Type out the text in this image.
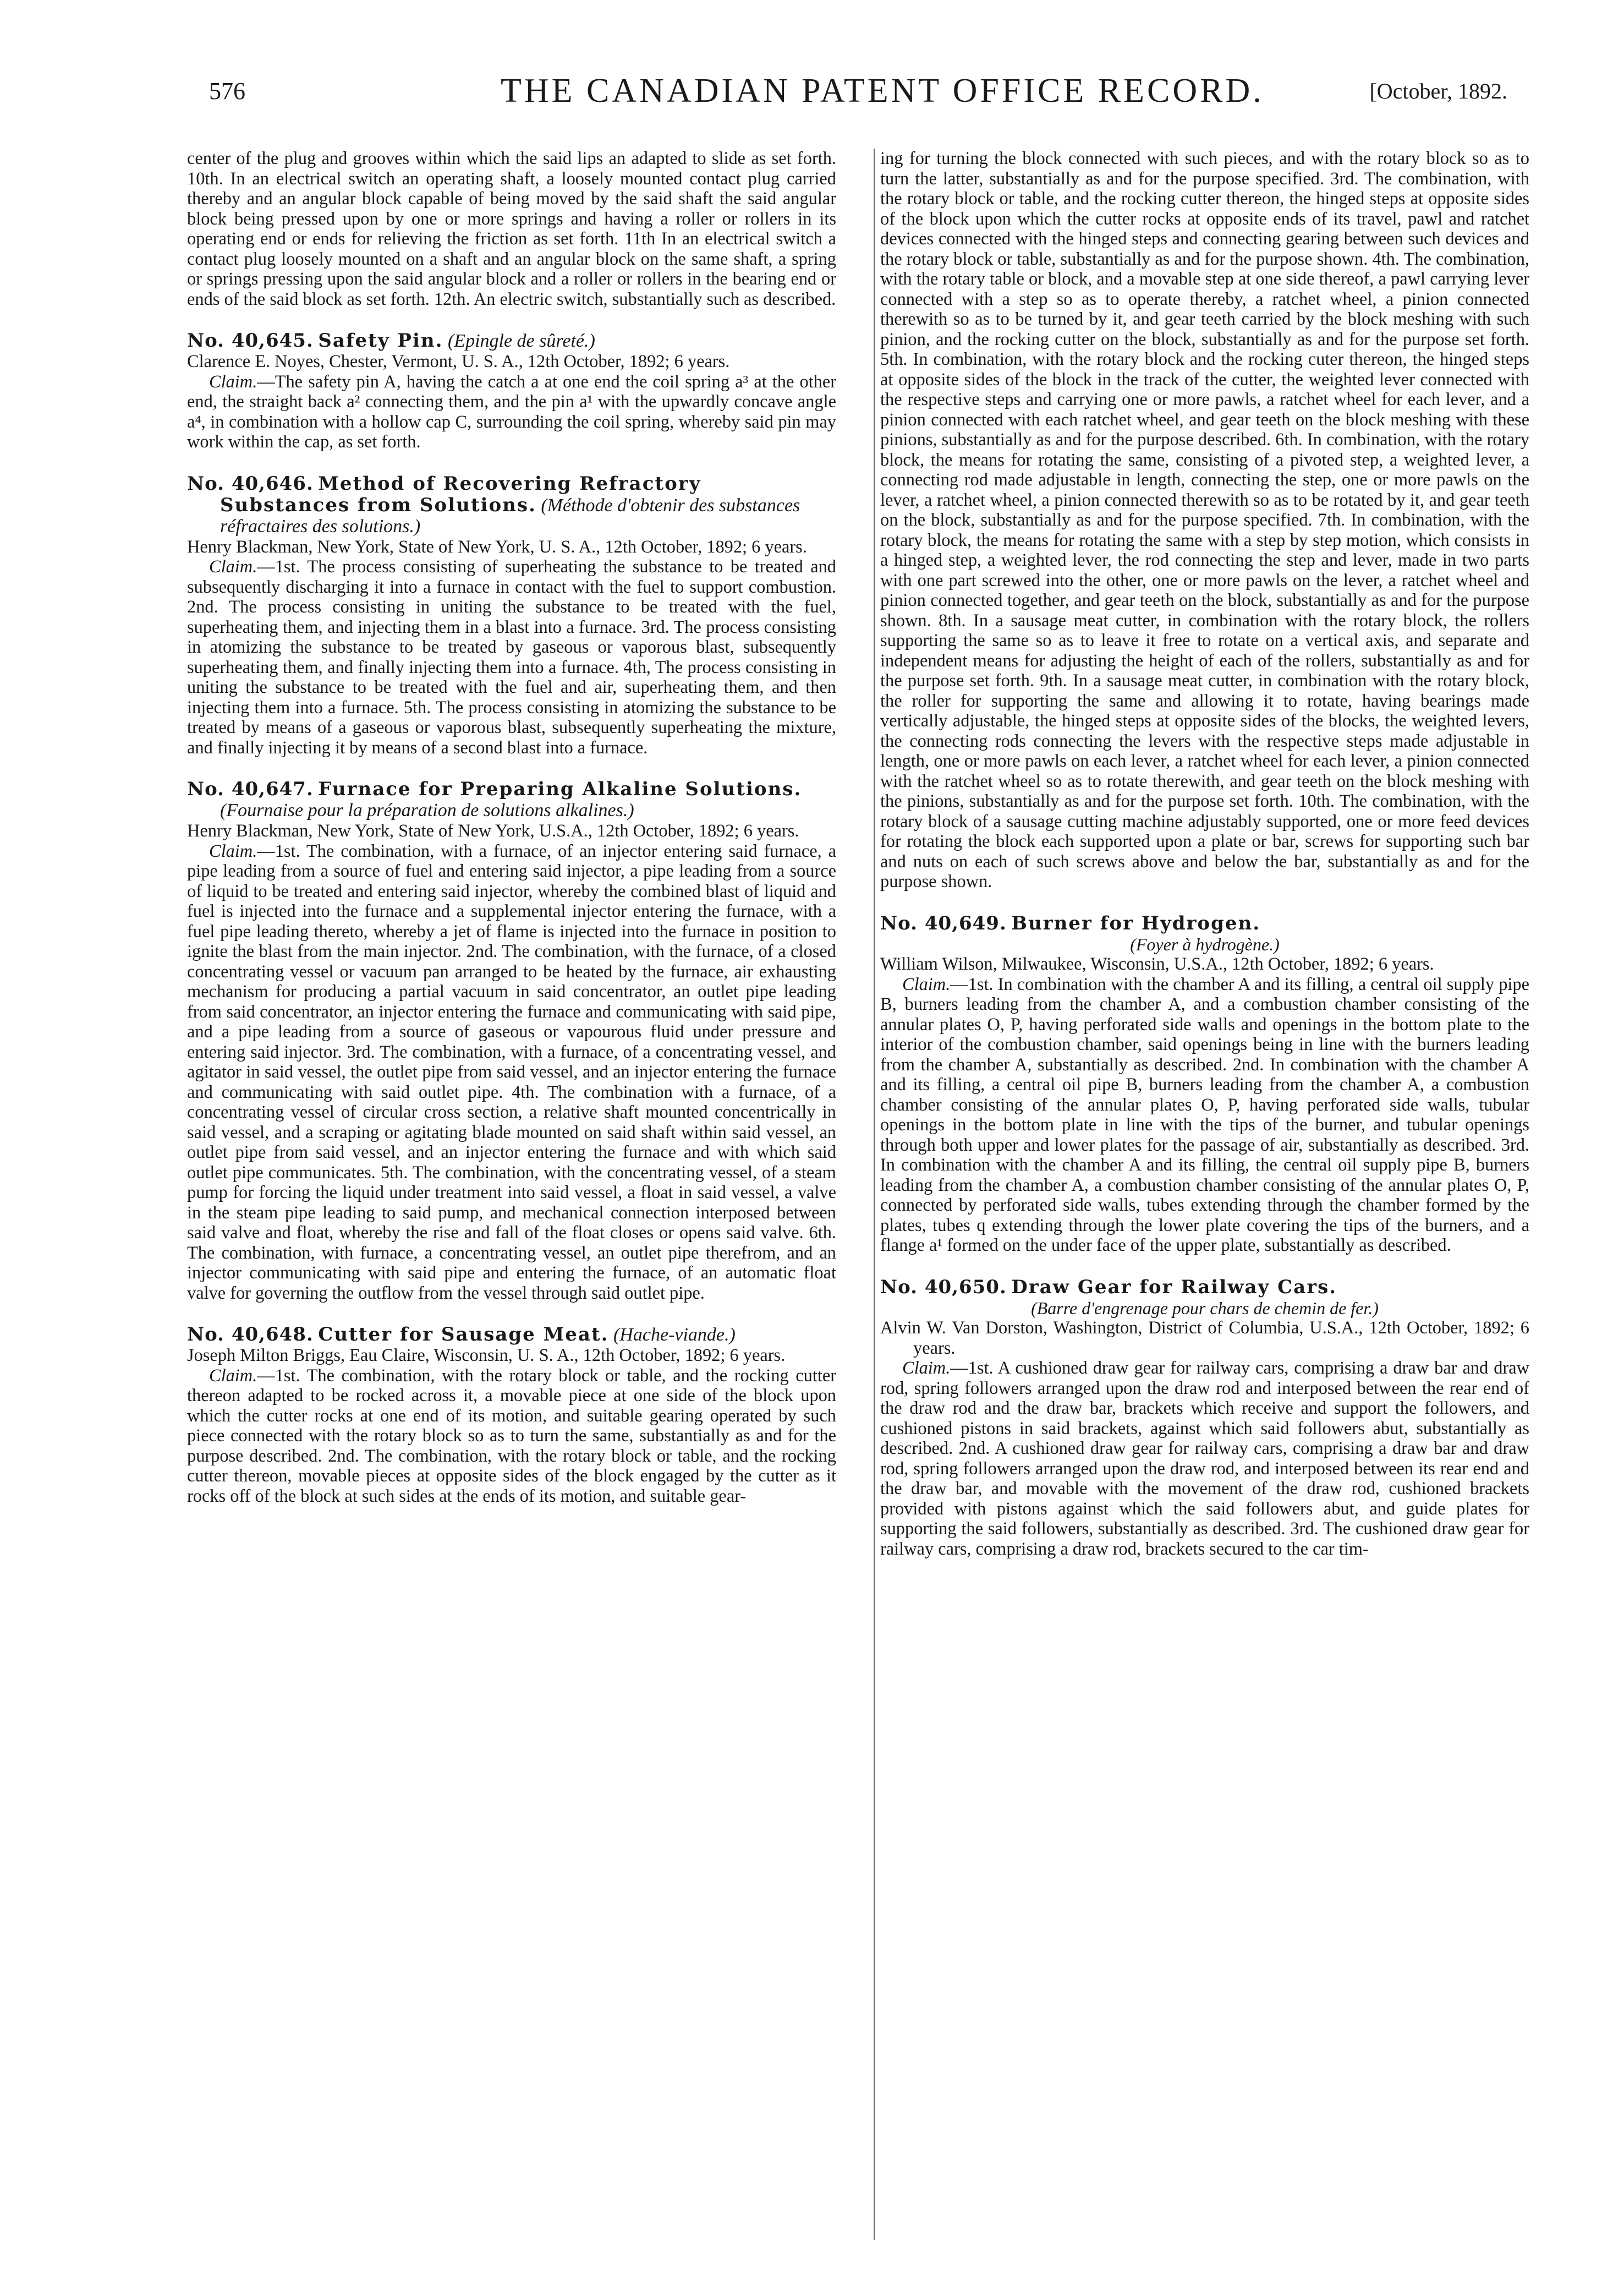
576	THE CANADIAN PATENT OFFICE RECORD.	[October, 1892.

center of the plug and grooves within which the said lips an adapted to slide as set forth. 10th. In an electrical switch an operating shaft, a loosely mounted contact plug carried thereby and an angular block capable of being moved by the said shaft the said angular block being pressed upon by one or more springs and having a roller or rollers in its operating end or ends for relieving the friction as set forth. 11th In an electrical switch a contact plug loosely mounted on a shaft and an angular block on the same shaft, a spring or springs pressing upon the said angular block and a roller or rollers in the bearing end or ends of the said block as set forth. 12th. An electric switch, substantially such as described.

No. 40,645. Safety Pin. (Epingle de sûreté.)

Clarence E. Noyes, Chester, Vermont, U. S. A., 12th October, 1892; 6 years.

Claim.—The safety pin A, having the catch a at one end the coil spring a³ at the other end, the straight back a² connecting them, and the pin a¹ with the upwardly concave angle a⁴, in combination with a hollow cap C, surrounding the coil spring, whereby said pin may work within the cap, as set forth.

No. 40,646. Method of Recovering Refractory Substances from Solutions. (Méthode d'obtenir des substances réfractaires des solutions.)

Henry Blackman, New York, State of New York, U. S. A., 12th October, 1892; 6 years.

Claim.—1st. The process consisting of superheating the substance to be treated and subsequently discharging it into a furnace in contact with the fuel to support combustion. 2nd. The process consisting in uniting the substance to be treated with the fuel, superheating them, and injecting them in a blast into a furnace. 3rd. The process consisting in atomizing the substance to be treated by gaseous or vaporous blast, subsequently superheating them, and finally injecting them into a furnace. 4th, The process consisting in uniting the substance to be treated with the fuel and air, superheating them, and then injecting them into a furnace. 5th. The process consisting in atomizing the substance to be treated by means of a gaseous or vaporous blast, subsequently superheating the mixture, and finally injecting it by means of a second blast into a furnace.

No. 40,647. Furnace for Preparing Alkaline Solutions. (Fournaise pour la préparation de solutions alkalines.)

Henry Blackman, New York, State of New York, U.S.A., 12th October, 1892; 6 years.

Claim.—1st. The combination, with a furnace, of an injector entering said furnace, a pipe leading from a source of fuel and entering said injector, a pipe leading from a source of liquid to be treated and entering said injector, whereby the combined blast of liquid and fuel is injected into the furnace and a supplemental injector entering the furnace, with a fuel pipe leading thereto, whereby a jet of flame is injected into the furnace in position to ignite the blast from the main injector. 2nd. The combination, with the furnace, of a closed concentrating vessel or vacuum pan arranged to be heated by the furnace, air exhausting mechanism for producing a partial vacuum in said concentrator, an outlet pipe leading from said concentrator, an injector entering the furnace and communicating with said pipe, and a pipe leading from a source of gaseous or vapourous fluid under pressure and entering said injector. 3rd. The combination, with a furnace, of a concentrating vessel, and agitator in said vessel, the outlet pipe from said vessel, and an injector entering the furnace and communicating with said outlet pipe. 4th. The combination with a furnace, of a concentrating vessel of circular cross section, a relative shaft mounted concentrically in said vessel, and a scraping or agitating blade mounted on said shaft within said vessel, an outlet pipe from said vessel, and an injector entering the furnace and with which said outlet pipe communicates. 5th. The combination, with the concentrating vessel, of a steam pump for forcing the liquid under treatment into said vessel, a float in said vessel, a valve in the steam pipe leading to said pump, and mechanical connection interposed between said valve and float, whereby the rise and fall of the float closes or opens said valve. 6th. The combination, with furnace, a concentrating vessel, an outlet pipe therefrom, and an injector communicating with said pipe and entering the furnace, of an automatic float valve for governing the outflow from the vessel through said outlet pipe.

No. 40,648. Cutter for Sausage Meat. (Hache-viande.)

Joseph Milton Briggs, Eau Claire, Wisconsin, U. S. A., 12th October, 1892; 6 years.

Claim.—1st. The combination, with the rotary block or table, and the rocking cutter thereon adapted to be rocked across it, a movable piece at one side of the block upon which the cutter rocks at one end of its motion, and suitable gearing operated by such piece connected with the rotary block so as to turn the same, substantially as and for the purpose described. 2nd. The combination, with the rotary block or table, and the rocking cutter thereon, movable pieces at opposite sides of the block engaged by the cutter as it rocks off of the block at such sides at the ends of its motion, and suitable gear-

ing for turning the block connected with such pieces, and with the rotary block so as to turn the latter, substantially as and for the purpose specified. 3rd. The combination, with the rotary block or table, and the rocking cutter thereon, the hinged steps at opposite sides of the block upon which the cutter rocks at opposite ends of its travel, pawl and ratchet devices connected with the hinged steps and connecting gearing between such devices and the rotary block or table, substantially as and for the purpose shown. 4th. The combination, with the rotary table or block, and a movable step at one side thereof, a pawl carrying lever connected with a step so as to operate thereby, a ratchet wheel, a pinion connected therewith so as to be turned by it, and gear teeth carried by the block meshing with such pinion, and the rocking cutter on the block, substantially as and for the purpose set forth. 5th. In combination, with the rotary block and the rocking cuter thereon, the hinged steps at opposite sides of the block in the track of the cutter, the weighted lever connected with the respective steps and carrying one or more pawls, a ratchet wheel for each lever, and a pinion connected with each ratchet wheel, and gear teeth on the block meshing with these pinions, substantially as and for the purpose described. 6th. In combination, with the rotary block, the means for rotating the same, consisting of a pivoted step, a weighted lever, a connecting rod made adjustable in length, connecting the step, one or more pawls on the lever, a ratchet wheel, a pinion connected therewith so as to be rotated by it, and gear teeth on the block, substantially as and for the purpose specified. 7th. In combination, with the rotary block, the means for rotating the same with a step by step motion, which consists in a hinged step, a weighted lever, the rod connecting the step and lever, made in two parts with one part screwed into the other, one or more pawls on the lever, a ratchet wheel and pinion connected together, and gear teeth on the block, substantially as and for the purpose shown. 8th. In a sausage meat cutter, in combination with the rotary block, the rollers supporting the same so as to leave it free to rotate on a vertical axis, and separate and independent means for adjusting the height of each of the rollers, substantially as and for the purpose set forth. 9th. In a sausage meat cutter, in combination with the rotary block, the roller for supporting the same and allowing it to rotate, having bearings made vertically adjustable, the hinged steps at opposite sides of the blocks, the weighted levers, the connecting rods connecting the levers with the respective steps made adjustable in length, one or more pawls on each lever, a ratchet wheel for each lever, a pinion connected with the ratchet wheel so as to rotate therewith, and gear teeth on the block meshing with the pinions, substantially as and for the purpose set forth. 10th. The combination, with the rotary block of a sausage cutting machine adjustably supported, one or more feed devices for rotating the block each supported upon a plate or bar, screws for supporting such bar and nuts on each of such screws above and below the bar, substantially as and for the purpose shown.

No. 40,649. Burner for Hydrogen.

(Foyer à hydrogène.)

William Wilson, Milwaukee, Wisconsin, U.S.A., 12th October, 1892; 6 years.

Claim.—1st. In combination with the chamber A and its filling, a central oil supply pipe B, burners leading from the chamber A, and a combustion chamber consisting of the annular plates O, P, having perforated side walls and openings in the bottom plate to the interior of the combustion chamber, said openings being in line with the burners leading from the chamber A, substantially as described. 2nd. In combination with the chamber A and its filling, a central oil pipe B, burners leading from the chamber A, a combustion chamber consisting of the annular plates O, P, having perforated side walls, tubular openings in the bottom plate in line with the tips of the burner, and tubular openings through both upper and lower plates for the passage of air, substantially as described. 3rd. In combination with the chamber A and its filling, the central oil supply pipe B, burners leading from the chamber A, a combustion chamber consisting of the annular plates O, P, connected by perforated side walls, tubes extending through the chamber formed by the plates, tubes q extending through the lower plate covering the tips of the burners, and a flange a¹ formed on the under face of the upper plate, substantially as described.

No. 40,650. Draw Gear for Railway Cars.

(Barre d'engrenage pour chars de chemin de fer.)

Alvin W. Van Dorston, Washington, District of Columbia, U.S.A., 12th October, 1892; 6 years.

Claim.—1st. A cushioned draw gear for railway cars, comprising a draw bar and draw rod, spring followers arranged upon the draw rod and interposed between the rear end of the draw rod and the draw bar, brackets which receive and support the followers, and cushioned pistons in said brackets, against which said followers abut, substantially as described. 2nd. A cushioned draw gear for railway cars, comprising a draw bar and draw rod, spring followers arranged upon the draw rod, and interposed between its rear end and the draw bar, and movable with the movement of the draw rod, cushioned brackets provided with pistons against which the said followers abut, and guide plates for supporting the said followers, substantially as described. 3rd. The cushioned draw gear for railway cars, comprising a draw rod, brackets secured to the car tim-
